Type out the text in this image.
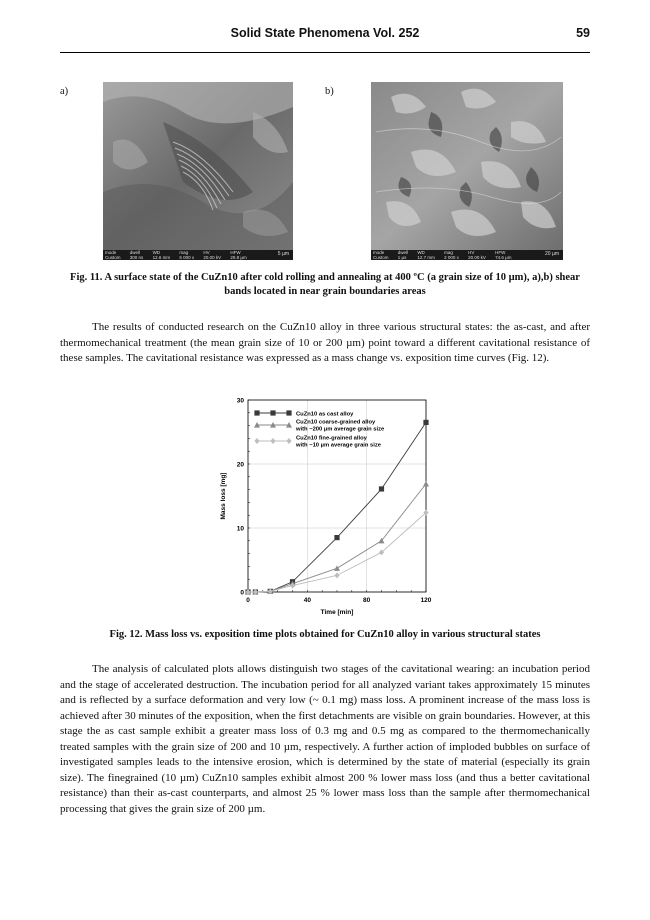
Solid State Phenomena Vol. 252	59
a)	b)
mode
Custom dwell
300 ns WD
12.6 mm mag
5 000 x HV
20.00 kV HFW
29.8 µm
5 µm	mode
Custom dwell
1 µs WD
12.7 mm mag
2 000 x HV
20.00 kV HFW
74.6 µm
20 µm
Fig. 11. A surface state of the CuZn10 after cold rolling and annealing at 400 ºC (a grain size of 10 µm), a),b) shear bands located in near grain boundaries areas

The results of conducted research on the CuZn10 alloy in three various structural states: the as-cast, and after thermomechanical treatment (the mean grain size of 10 or 200 µm) point toward a different cavitational resistance of these samples. The cavitational resistance was expressed as a mass change vs. exposition time curves (Fig. 12).

0	40	80	120
0
10
20
30
CuZn10 as cast alloy
CuZn10 coarse-grained alloy
with ~200 µm average grain size
CuZn10 fine-grained alloy
with ~10 µm average grain size
Time [min]
Mass loss [mg]
Fig. 12. Mass loss vs. exposition time plots obtained for CuZn10 alloy in various structural states

The analysis of calculated plots allows distinguish two stages of the cavitational wearing: an incubation period and the stage of accelerated destruction. The incubation period for all analyzed variant takes approximately 15 minutes and is reflected by a surface deformation and very low (~ 0.1 mg) mass loss. A prominent increase of the mass loss is achieved after 30 minutes of the exposition, when the first detachments are visible on grain boundaries. However, at this stage the as cast sample exhibit a greater mass loss of 0.3 mg and 0.5 mg as compared to the thermomechanically treated samples with the grain size of 200 and 10 µm, respectively. A further action of imploded bubbles on surface of investigated samples leads to the intensive erosion, which is determined by the state of material (especially its grain size). The finegrained (10 µm) CuZn10 samples exhibit almost 200 % lower mass loss (and thus a better cavitational resistance) than their as-cast counterparts, and almost 25 % lower mass loss than the sample after thermomechanical processing that gives the grain size of 200 µm.
